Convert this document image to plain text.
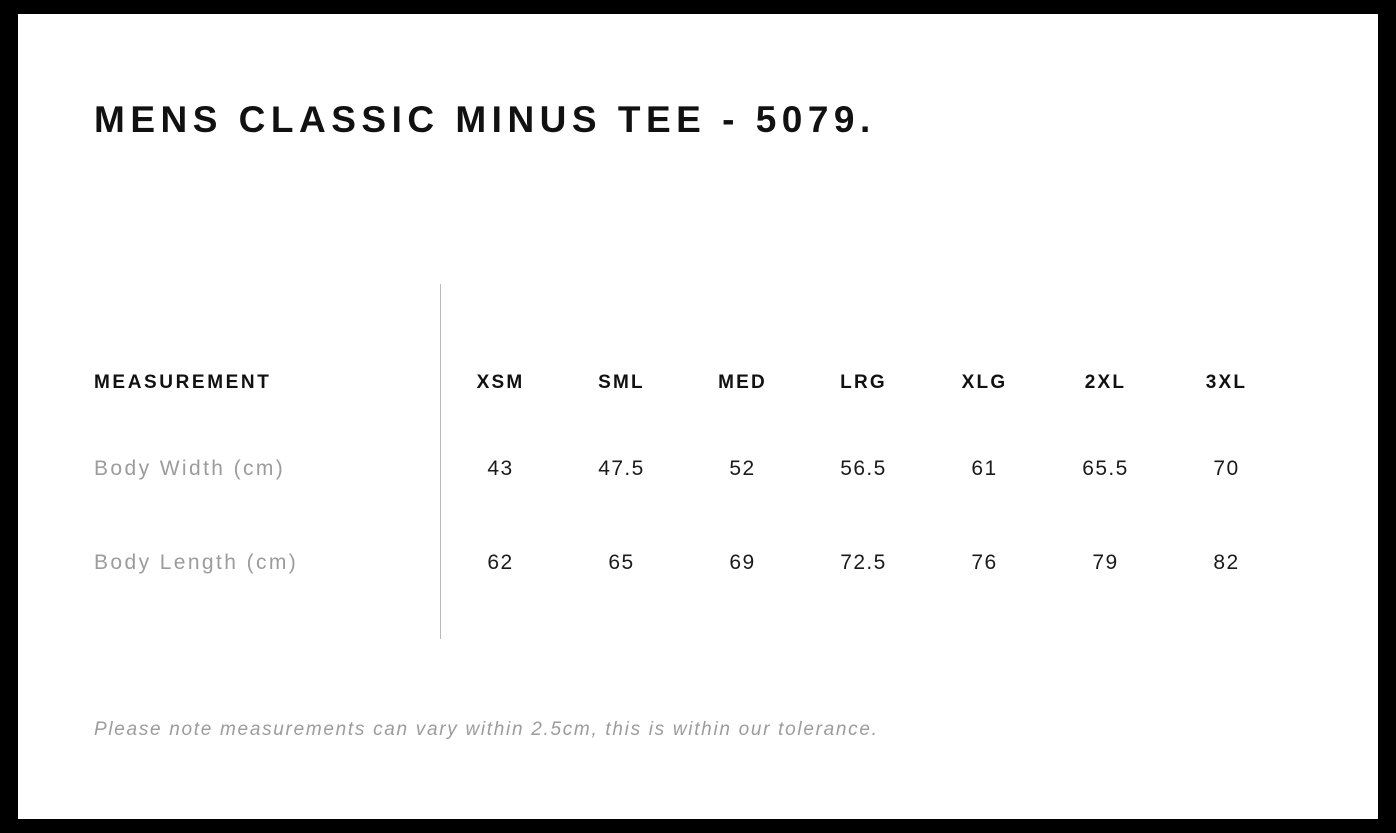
MENS CLASSIC MINUS TEE - 5079.
MEASUREMENT	XSM	SML	MED	LRG	XLG	2XL	3XL
Body Width (cm)	43	47.5	52	56.5	61	65.5	70
Body Length (cm)	62	65	69	72.5	76	79	82
Please note measurements can vary within 2.5cm, this is within our tolerance.
